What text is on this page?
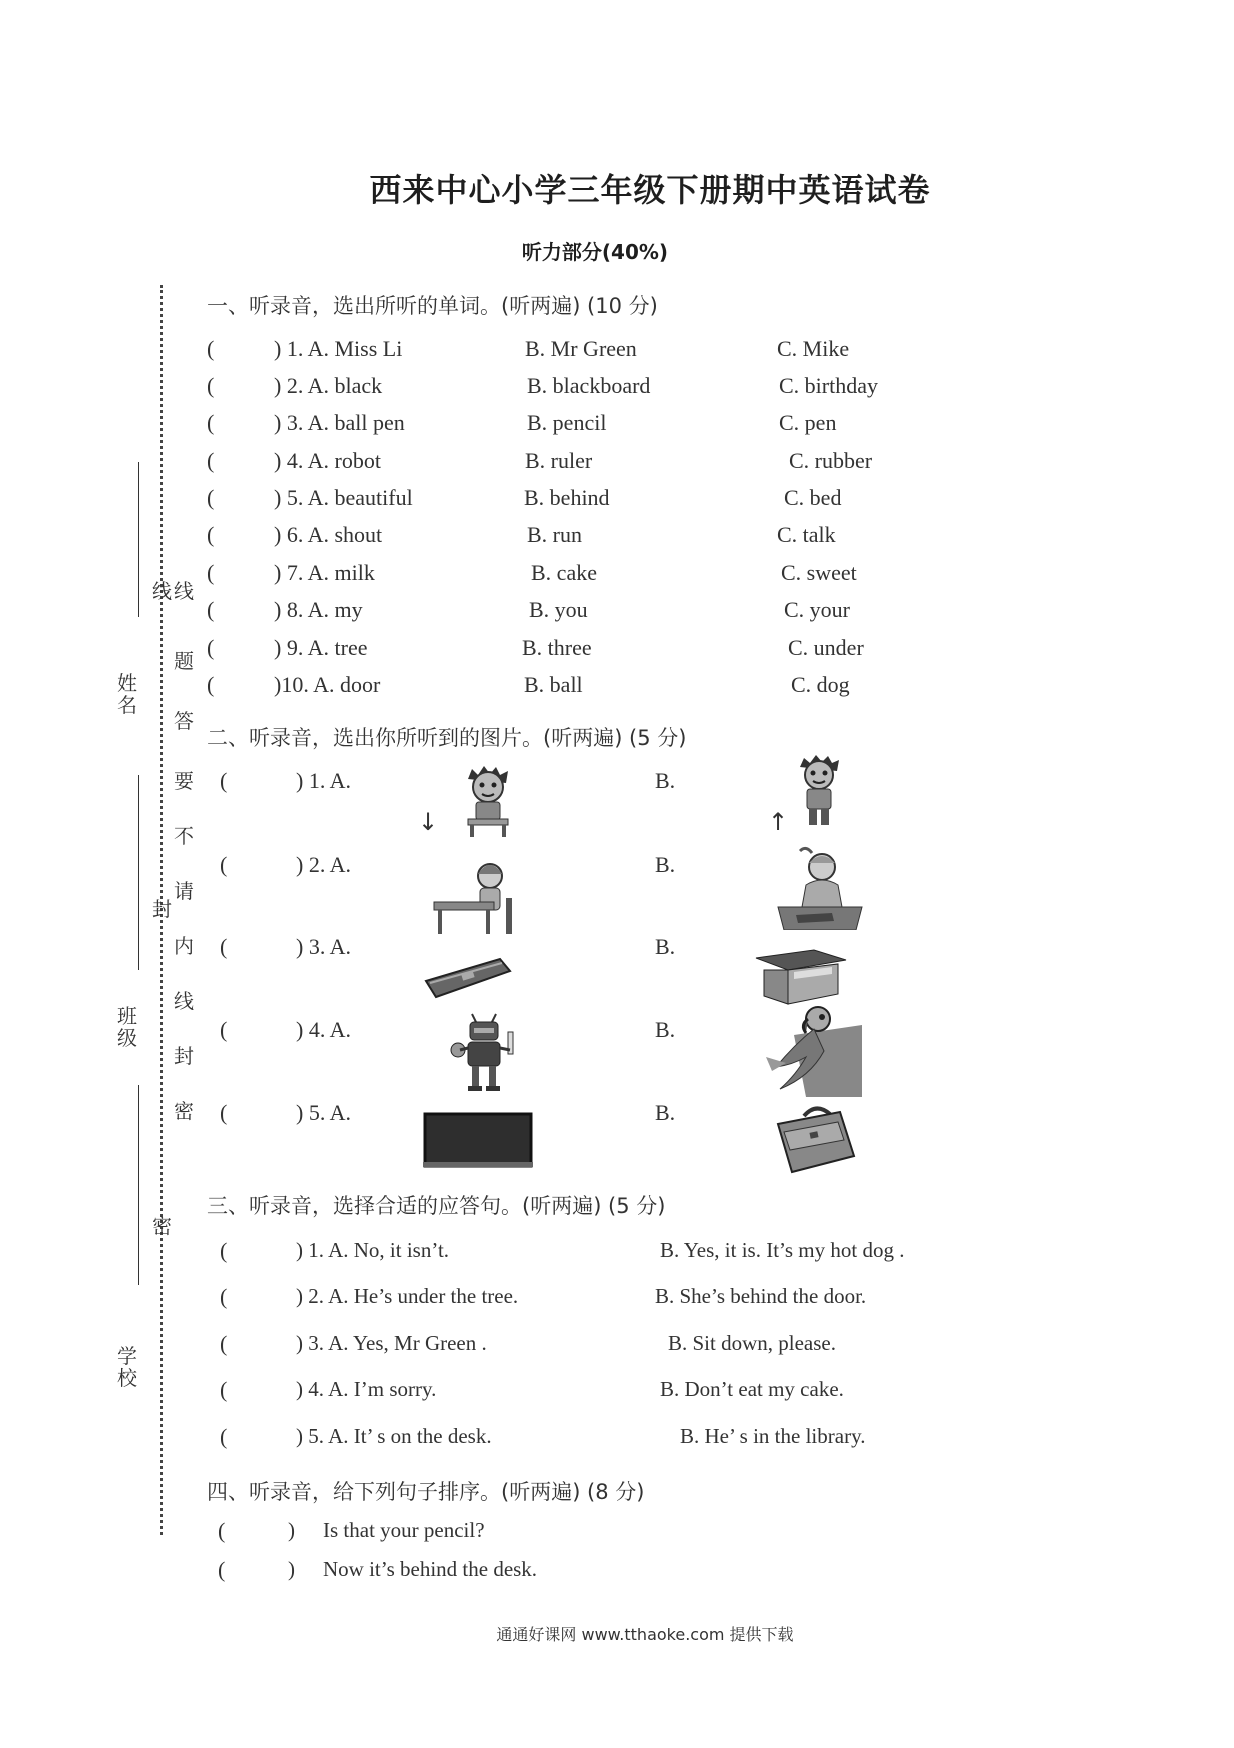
西来中心小学三年级下册期中英语试卷
听力部分(40%)
姓名
班级
学校
线
封
密
线
题
答
要
不
请
内
线
封
密
一、听录音，选出所听的单词。(听两遍) (10 分)
(	) 1. A. Miss Li	B. Mr Green	C. Mike
(	) 2. A. black	B. blackboard	C. birthday
(	) 3. A. ball pen	B. pencil	C. pen
(	) 4. A. robot	B. ruler	C. rubber
(	) 5. A. beautiful	B. behind	C. bed
(	) 6. A. shout	B. run	C. talk
(	) 7. A. milk	B. cake	C. sweet
(	) 8. A. my	B. you	C. your
(	) 9. A. tree	B. three	C. under
(	)10. A. door	B. ball	C. dog
二、听录音，选出你所听到的图片。(听两遍) (5 分)
(	) 1. A.	B.
↓	↑
(	) 2. A.	B.
(	) 3. A.	B.
(	) 4. A.	B.
(	) 5. A.	B.
三、听录音，选择合适的应答句。(听两遍) (5 分)
(	) 1. A. No, it isn’t.	B. Yes, it is. It’s my hot dog .
(	) 2. A. He’s under the tree.	B. She’s behind the door.
(	) 3. A. Yes, Mr Green .	B. Sit down, please.
(	) 4. A. I’m sorry.	B. Don’t eat my cake.
(	) 5. A. It’ s on the desk.	B. He’ s in the library.
四、听录音，给下列句子排序。(听两遍) (8 分)
(	) Is that your pencil?
(	) Now it’s behind the desk.
通通好课网 www.tthaoke.com 提供下载
